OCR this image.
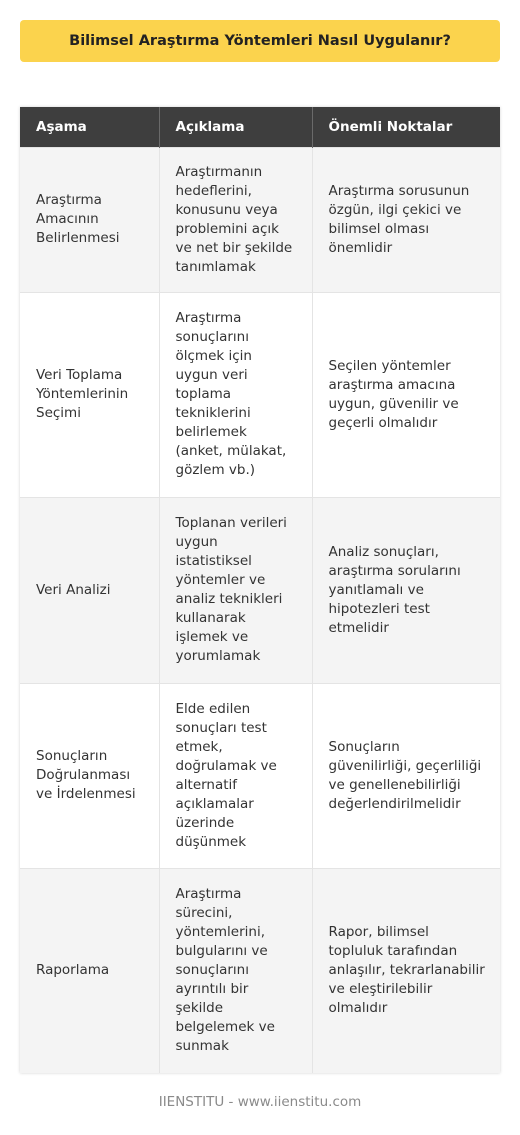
Bilimsel Araştırma Yöntemleri Nasıl Uygulanır?
Aşama	Açıklama	Önemli Noktalar
Araştırma Amacının Belirlenmesi	Araştırmanın hedeflerini, konusunu veya problemini açık ve net bir şekilde tanımlamak	Araştırma sorusunun özgün, ilgi çekici ve bilimsel olması önemlidir
Veri Toplama Yöntemlerinin Seçimi	Araştırma sonuçlarını ölçmek için uygun veri toplama tekniklerini belirlemek (anket, mülakat, gözlem vb.)	Seçilen yöntemler araştırma amacına uygun, güvenilir ve geçerli olmalıdır
Veri Analizi	Toplanan verileri uygun istatistiksel yöntemler ve analiz teknikleri kullanarak işlemek ve yorumlamak	Analiz sonuçları, araştırma sorularını yanıtlamalı ve hipotezleri test etmelidir
Sonuçların Doğrulanması ve İrdelenmesi	Elde edilen sonuçları test etmek, doğrulamak ve alternatif açıklamalar üzerinde düşünmek	Sonuçların güvenilirliği, geçerliliği ve genellenebilirliği değerlendirilmelidir
Raporlama	Araştırma sürecini, yöntemlerini, bulgularını ve sonuçlarını ayrıntılı bir şekilde belgelemek ve sunmak	Rapor, bilimsel topluluk tarafından anlaşılır, tekrarlanabilir ve eleştirilebilir olmalıdır
IIENSTITU - www.iienstitu.com
